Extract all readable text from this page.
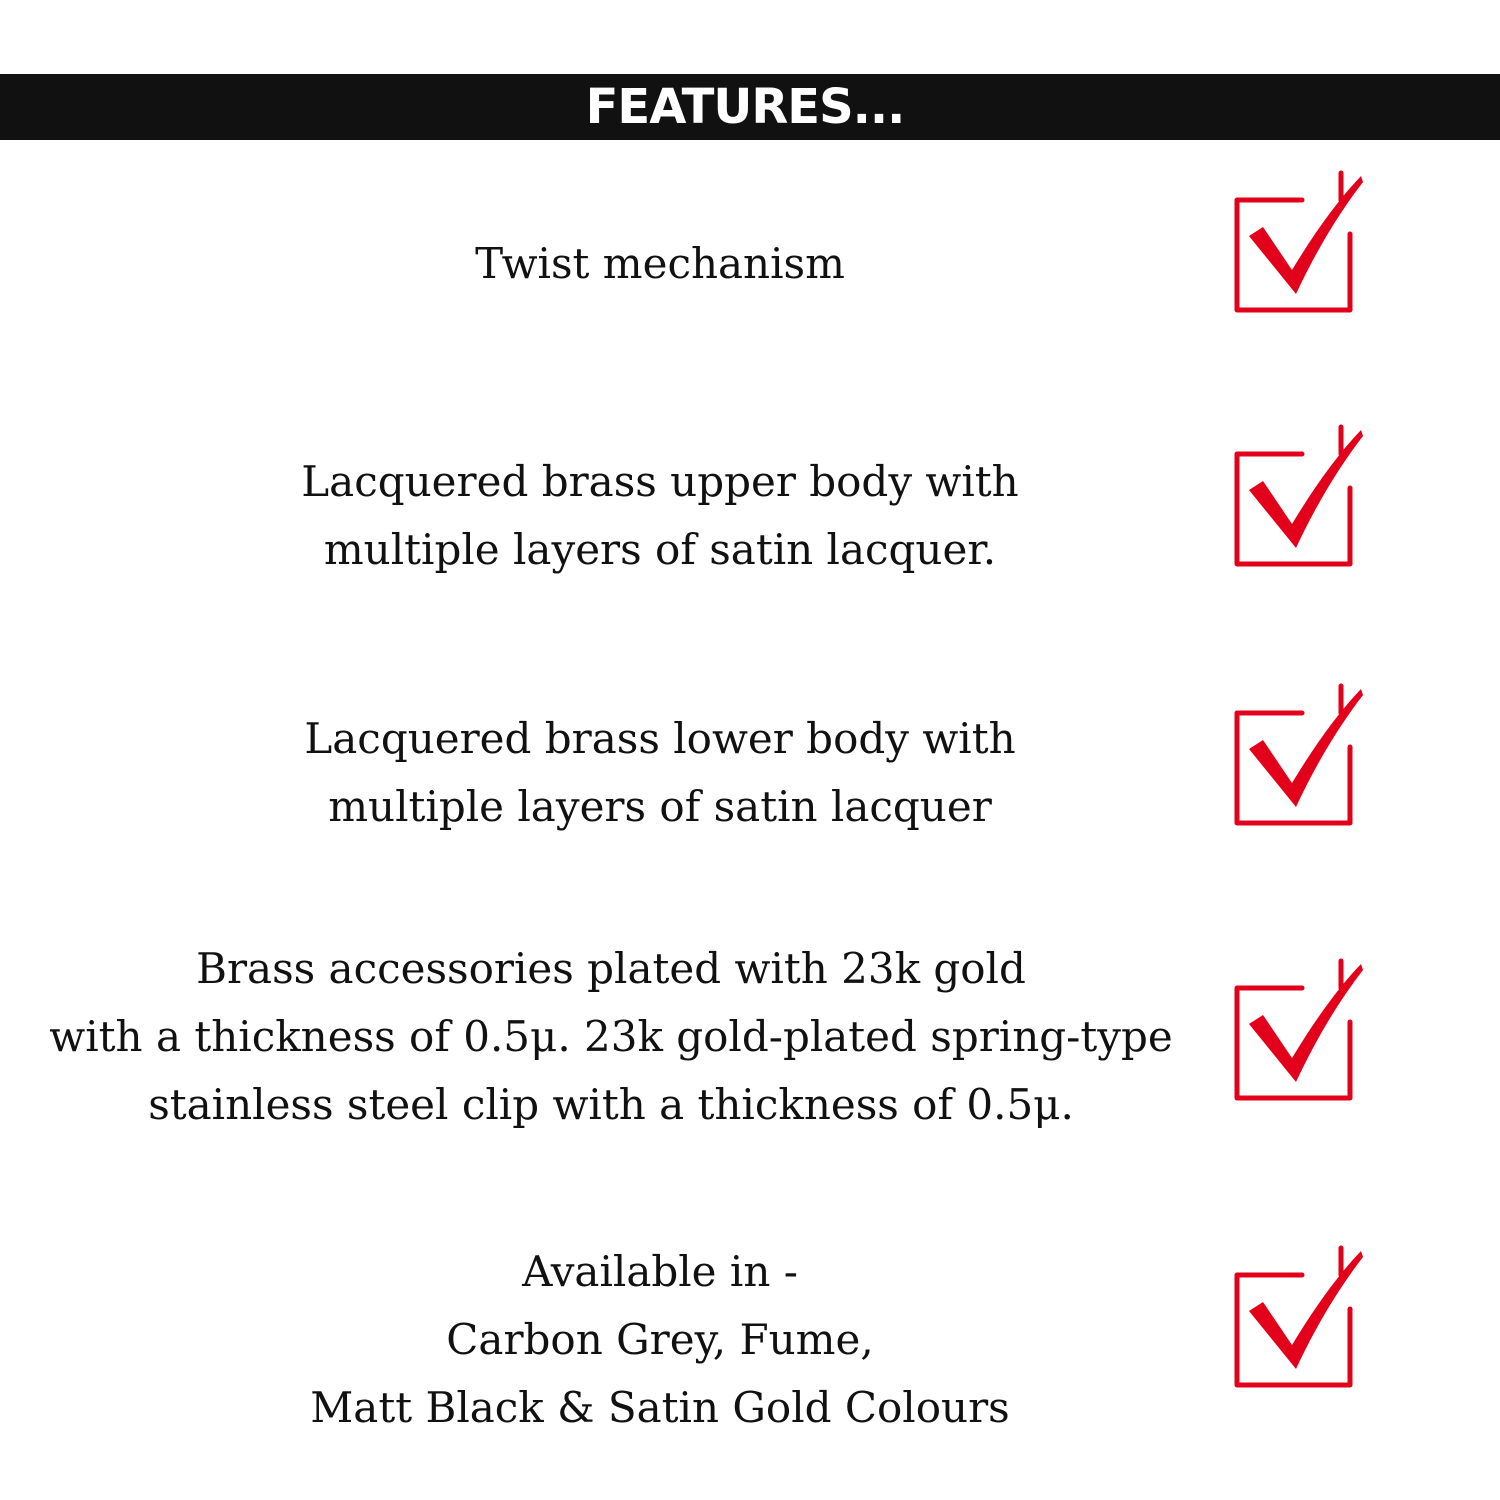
FEATURES...
Twist mechanism
Lacquered brass upper body with
multiple layers of satin lacquer.
Lacquered brass lower body with
multiple layers of satin lacquer
Brass accessories plated with 23k gold
with a thickness of 0.5μ. 23k gold-plated spring-type
stainless steel clip with a thickness of 0.5μ.
Available in -
Carbon Grey, Fume,
Matt Black & Satin Gold Colours
